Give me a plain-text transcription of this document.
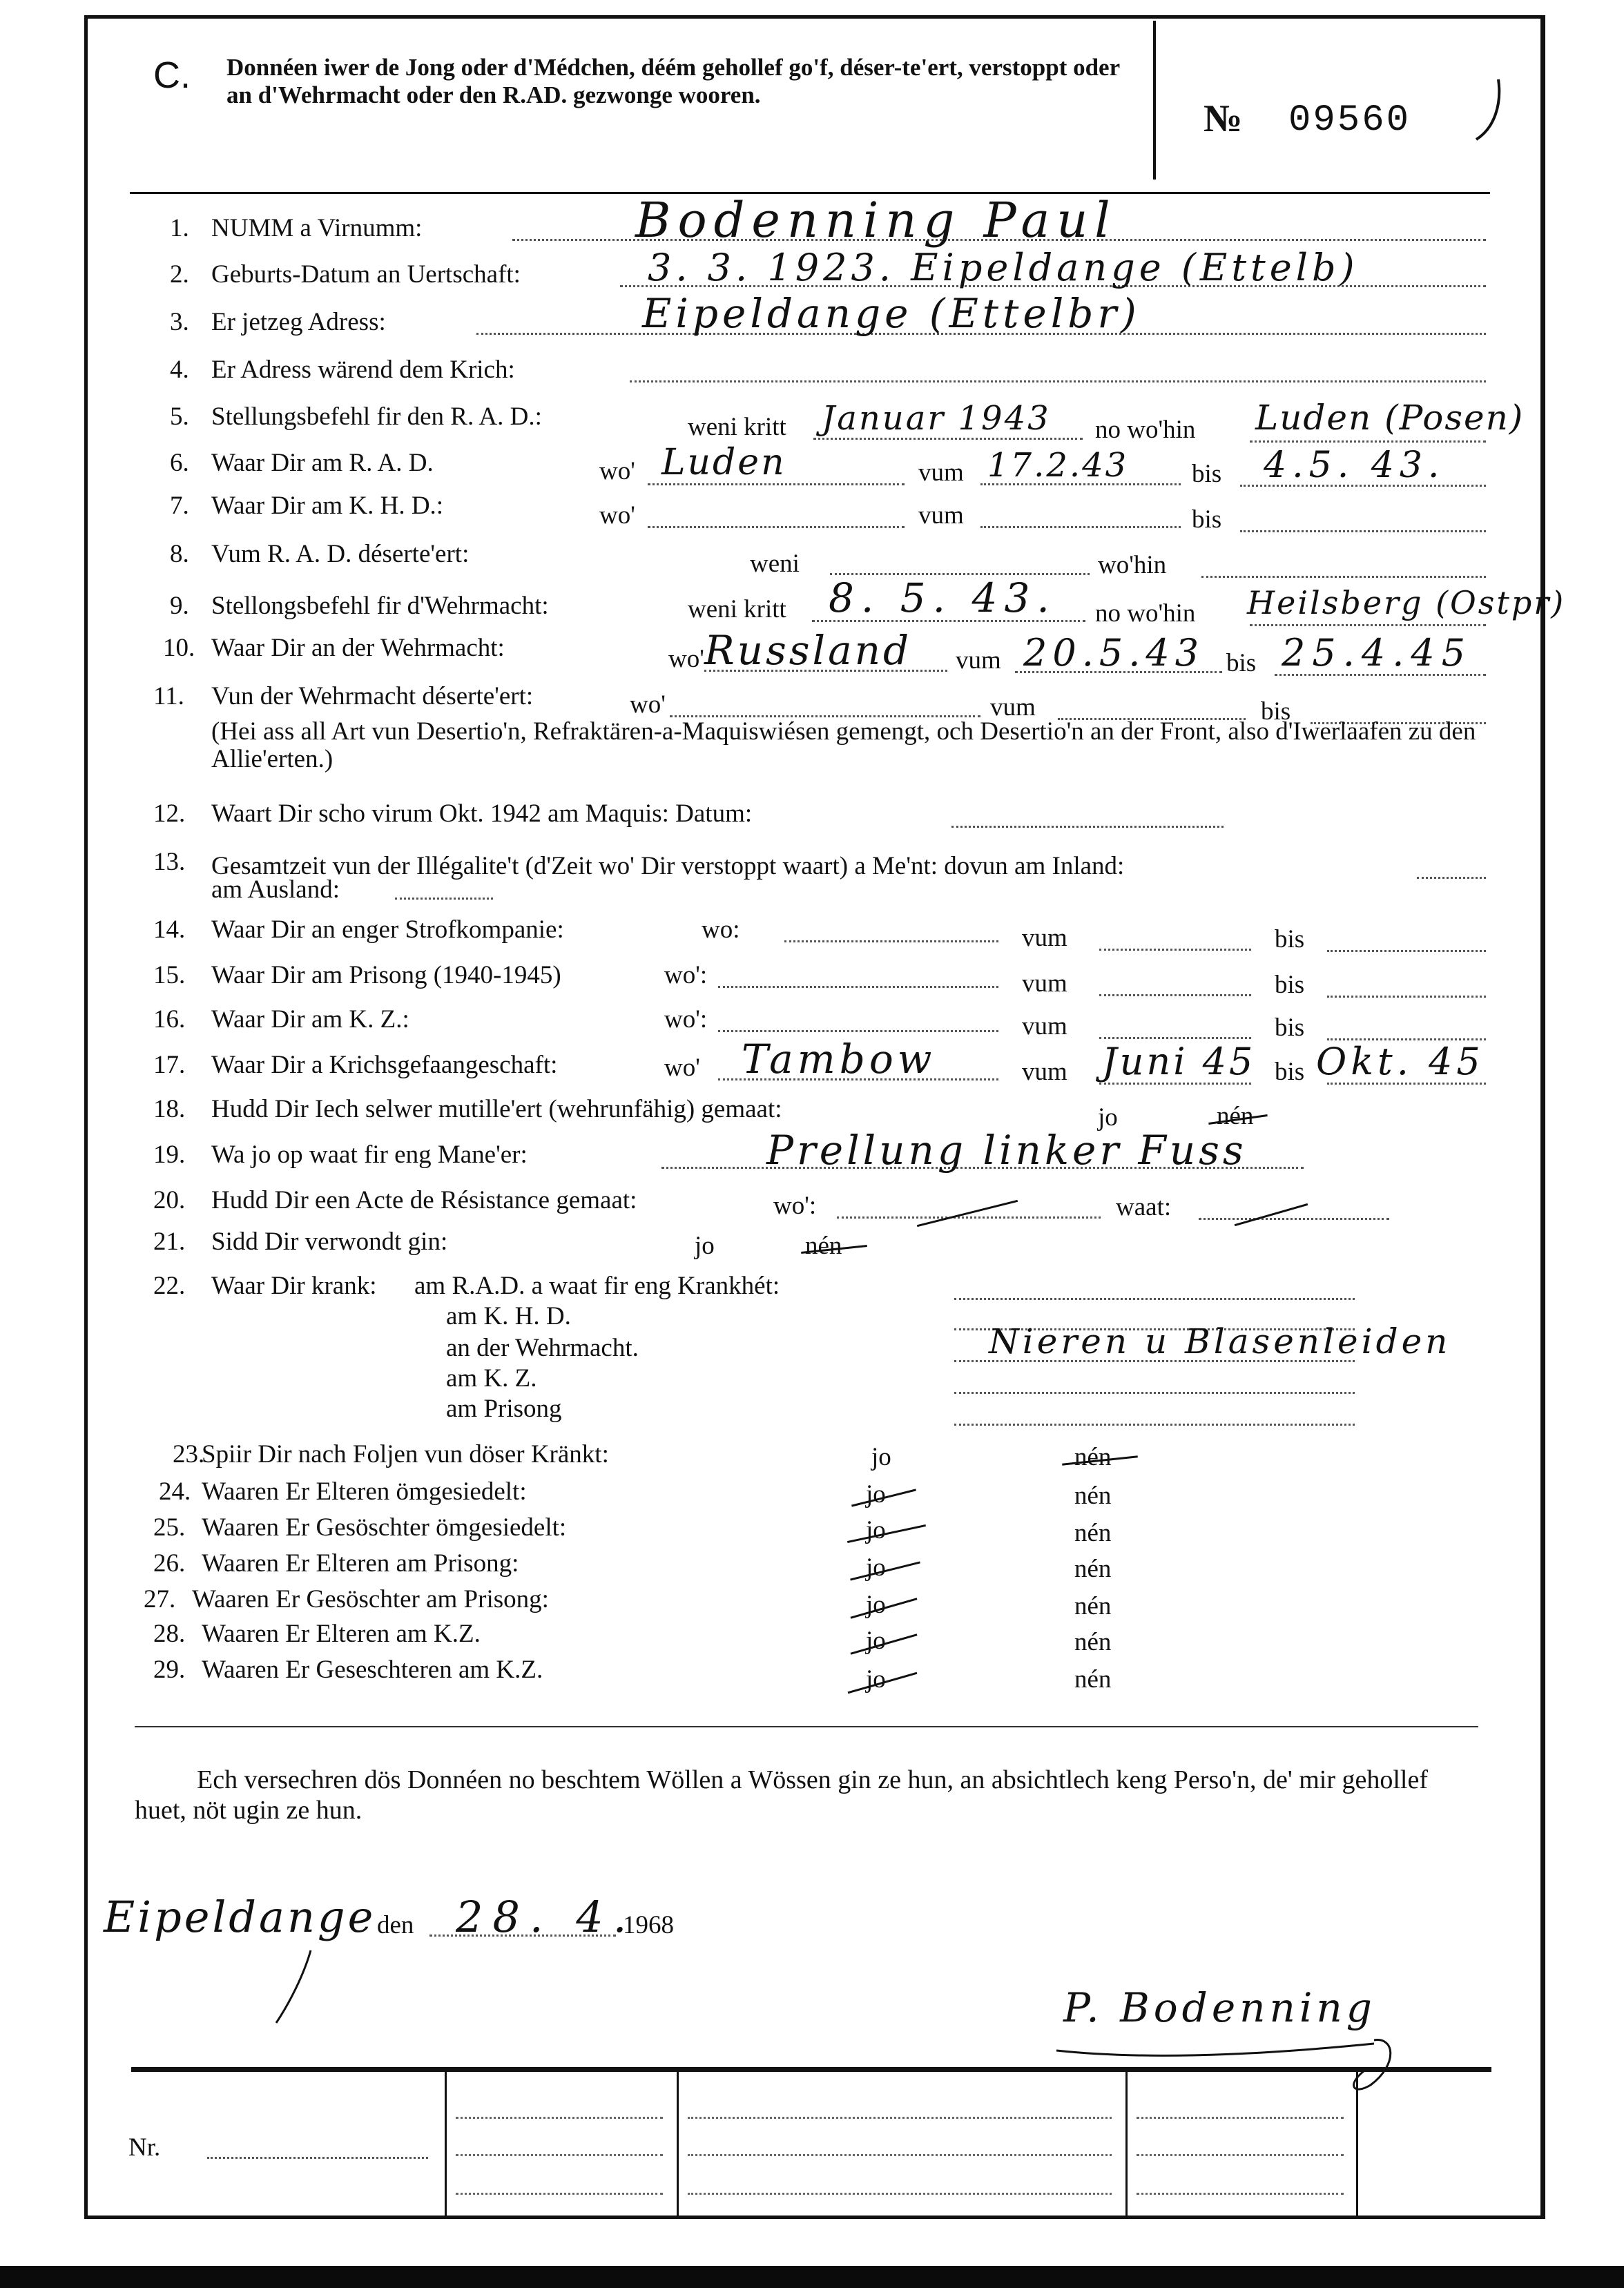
C. Donnéen iwer de Jong oder d'Médchen, déém gehollef go'f, déser-te'ert, verstoppt oder an d'Wehrmacht oder den R.AD. gezwonge wooren.
№ 09560
1. NUMM a Virnumm:	Bodenning Paul
2. Geburts-Datum an Uertschaft:	3. 3. 1923. Eipeldange (Ettelb)
3. Er jetzeg Adress:	Eipeldange (Ettelbr)
4. Er Adress wärend dem Krich:
5. Stellungsbefehl fir den R. A. D.:	weni kritt Januar 1943 no wo'hin Luden (Posen)
6. Waar Dir am R. A. D.	wo' Luden	vum 17.2.43 bis 4.5. 43.
7. Waar Dir am K. H. D.:	wo'	vum	bis
8. Vum R. A. D. déserte'ert:	weni	wo'hin
9. Stellongsbefehl fir d'Wehrmacht:	weni kritt 8. 5. 43. no wo'hin Heilsberg (Ostpr)
10. Waar Dir an der Wehrmacht:	wo' Russland vum 20.5.43 bis 25.4.45
11. Vun der Wehrmacht déserte'ert:	wo'	vum	bis
(Hei ass all Art vun Desertio'n, Refraktären-a-Maquiswiésen gemengt, och Desertio'n an der Front, also d'Iwerlaafen zu den Allie'erten.)
12. Waart Dir scho virum Okt. 1942 am Maquis: Datum:
13. Gesamtzeit vun der Illégalite't (d'Zeit wo' Dir verstoppt waart) a Me'nt: dovun am Inland:
am Ausland:
14. Waar Dir an enger Strofkompanie:	wo:	vum	bis
15. Waar Dir am Prisong (1940-1945)	wo':	vum	bis
16. Waar Dir am K. Z.:	wo':	vum	bis
17. Waar Dir a Krichsgefaangeschaft:	wo' Tambow	vum Juni 45 bis Okt. 45
18. Hudd Dir Iech selwer mutille'ert (wehrunfähig) gemaat:	jo	nén
19. Wa jo op waat fir eng Mane'er:	Prellung linker Fuss
20. Hudd Dir een Acte de Résistance gemaat:	wo':	waat:
21. Sidd Dir verwondt gin:	jo	nén
22. Waar Dir krank: am R.A.D. a waat fir eng Krankhét:
am K. H. D.
an der Wehrmacht.	Nieren u Blasenleiden
am K. Z.
am Prisong
23.
Spiir Dir nach Foljen vun döser Kränkt:	jo	nén
24. Waaren Er Elteren ömgesiedelt:	jo	nén
25. Waaren Er Gesöschter ömgesiedelt:	jo	nén
26. Waaren Er Elteren am Prisong:	jo	nén
27. Waaren Er Gesöschter am Prisong:	jo	nén
28. Waaren Er Elteren am K.Z.	jo	nén
29. Waaren Er Geseschteren am K.Z.	jo	nén
Ech versechren dös Donnéen no beschtem Wöllen a Wössen gin ze hun, an absichtlech keng Perso'n, de' mir gehollef huet, nöt ugin ze hun.
Eipeldange den 28. 4.
1968
P. Bodenning
Nr.
